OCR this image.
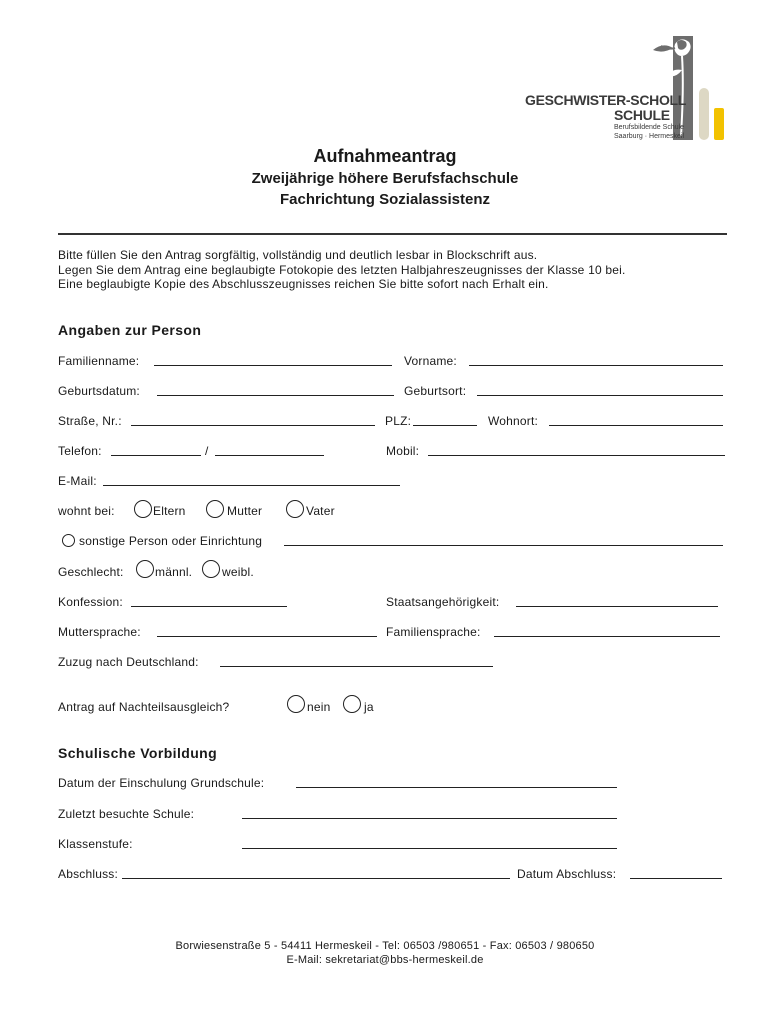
GESCHWISTER-SCHOLL
SCHULE
Berufsbildende Schule
Saarburg · Hermeskeil
Aufnahmeantrag
Zweijährige höhere Berufsfachschule
Fachrichtung Sozialassistenz
Bitte füllen Sie den Antrag sorgfältig, vollständig und deutlich lesbar in Blockschrift aus.
Legen Sie dem Antrag eine beglaubigte Fotokopie des letzten Halbjahreszeugnisses der Klasse 10 bei.
Eine beglaubigte Kopie des Abschlusszeugnisses reichen Sie bitte sofort nach Erhalt ein.
Angaben zur Person
Familienname:	Vorname:
Geburtsdatum:	Geburtsort:
Straße, Nr.:	PLZ:	Wohnort:
Telefon:	/	Mobil:
E-Mail:
wohnt bei:	Eltern	Mutter	Vater
sonstige Person oder Einrichtung
Geschlecht:	männl. weibl.
Konfession:	Staatsangehörigkeit:
Muttersprache:	Familiensprache:
Zuzug nach Deutschland:
Antrag auf Nachteilsausgleich?	nein	ja
Schulische Vorbildung
Datum der Einschulung Grundschule:
Zuletzt besuchte Schule:
Klassenstufe:
Abschluss:	Datum Abschluss:
Borwiesenstraße 5 - 54411 Hermeskeil - Tel: 06503 /980651 - Fax: 06503 / 980650
E-Mail: sekretariat@bbs-hermeskeil.de
